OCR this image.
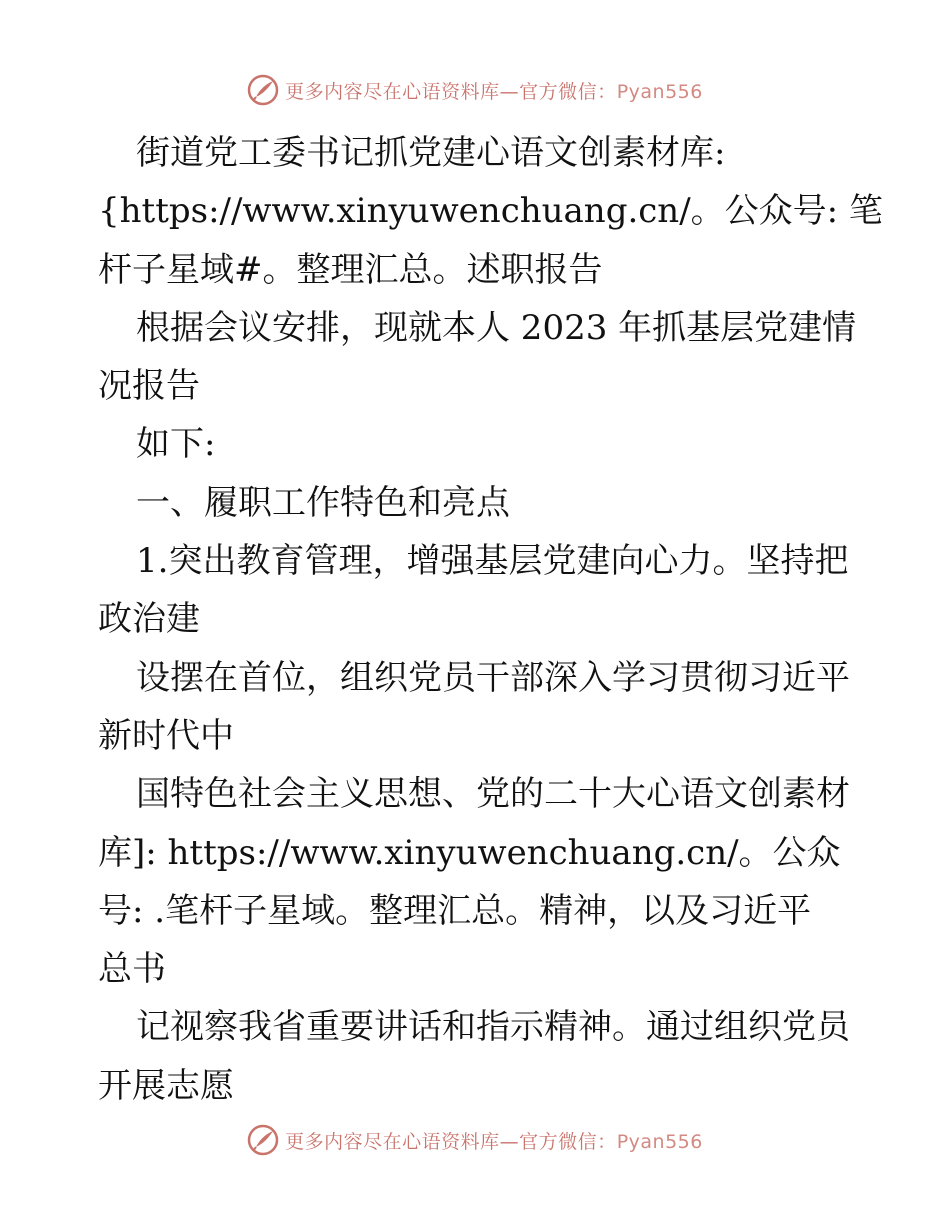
更多内容尽在心语资料库—官方微信：Pyan556
街道党工委书记抓党建心语文创素材库:
{https://www.xinyuwenchuang.cn/。公众号: 笔
杆子星域#。整理汇总。述职报告
根据会议安排，现就本人 2023 年抓基层党建情
况报告
如下:
一、履职工作特色和亮点
1.突出教育管理，增强基层党建向心力。坚持把
政治建
设摆在首位，组织党员干部深入学习贯彻习近平
新时代中
国特色社会主义思想、党的二十大心语文创素材
库]: https://www.xinyuwenchuang.cn/。公众
号: .笔杆子星域。整理汇总。精神，以及习近平
总书
记视察我省重要讲话和指示精神。通过组织党员
开展志愿
更多内容尽在心语资料库—官方微信：Pyan556
